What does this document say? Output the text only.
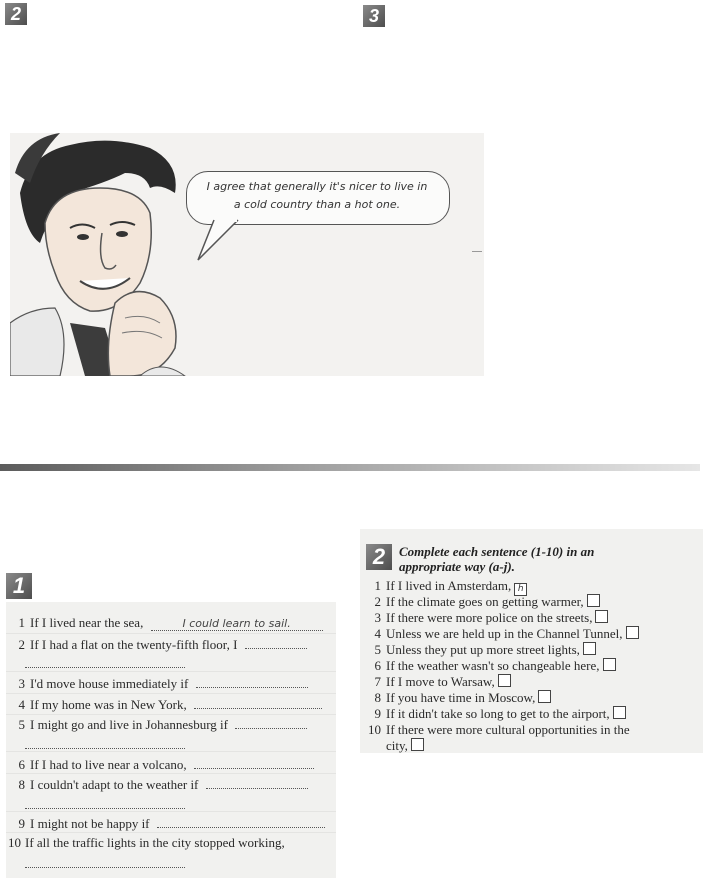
2	3
I agree that generally it's nicer to live in
a cold country than a hot one.
1
1 If I lived near the sea,	I could learn to sail.
2 If I had a flat on the twenty-fifth floor, I
3 I'd move house immediately if
4 If my home was in New York,
5 I might go and live in Johannesburg if
6 If I had to live near a volcano,
8 I couldn't adapt to the weather if
9 I might not be happy if
10 If all the traffic lights in the city stopped working,
2	Complete each sentence (1-10) in an
appropriate way (a-j).
1 If I lived in Amsterdam, h
2 If the climate goes on getting warmer,
3 If there were more police on the streets,
4 Unless we are held up in the Channel Tunnel,
5 Unless they put up more street lights,
6 If the weather wasn't so changeable here,
7 If I move to Warsaw,
8 If you have time in Moscow,
9 If it didn't take so long to get to the airport,
10 If there were more cultural opportunities in the
city,
